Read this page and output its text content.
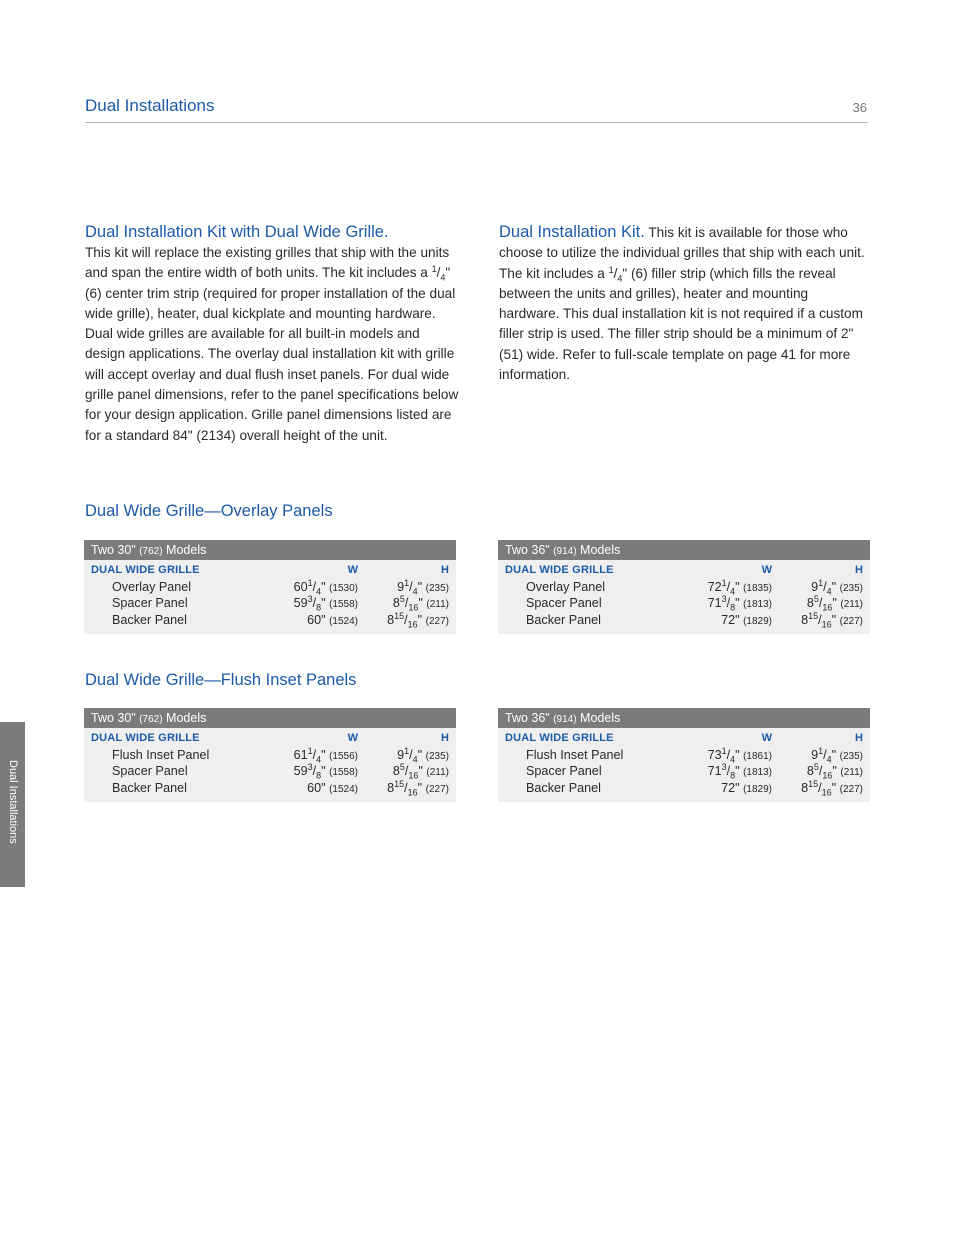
Dual Installations	36
Dual Installation Kit with Dual Wide Grille.

This kit will replace the existing grilles that ship with the units and span the entire width of both units. The kit includes a $^1/_4$" (6) center trim strip (required for proper installation of the dual wide grille), heater, dual kickplate and mounting hardware. Dual wide grilles are available for all built-in models and design applications. The overlay dual installation kit with grille will accept overlay and dual flush inset panels. For dual wide grille panel dimensions, refer to the panel specifications below for your design application. Grille panel dimensions listed are for a standard 84" (2134) overall height of the unit.

Dual Installation Kit. This kit is available for those who choose to utilize the individual grilles that ship with each unit. The kit includes a $^1/_4$" (6) filler strip (which fills the reveal between the units and grilles), heater and mounting hardware. This dual installation kit is not required if a custom filler strip is used. The filler strip should be a minimum of 2" (51) wide. Refer to full-scale template on page 41 for more information.

Dual Wide Grille—Overlay Panels
Two 30" (762) Models
DUAL WIDE GRILLE	W	H
Overlay Panel	$60^1/_4$" (1530)	$9^1/_4$" (235)
Spacer Panel	$59^3/_8$" (1558)	$8^5/_{16}$" (211)
Backer Panel	60" (1524) $8^{15}/_{16}$" (227)
Two 36" (914) Models
DUAL WIDE GRILLE	W	H
Overlay Panel	$72^1/_4$" (1835)	$9^1/_4$" (235)
Spacer Panel	$71^3/_8$" (1813)	$8^5/_{16}$" (211)
Backer Panel	72" (1829) $8^{15}/_{16}$" (227)
Dual Wide Grille—Flush Inset Panels
Two 30" (762) Models
DUAL WIDE GRILLE	W	H
Flush Inset Panel	$61^1/_4$" (1556)	$9^1/_4$" (235)
Spacer Panel	$59^3/_8$" (1558)	$8^5/_{16}$" (211)
Backer Panel	60" (1524) $8^{15}/_{16}$" (227)
Two 36" (914) Models
DUAL WIDE GRILLE	W	H
Flush Inset Panel	$73^1/_4$" (1861)	$9^1/_4$" (235)
Spacer Panel	$71^3/_8$" (1813)	$8^5/_{16}$" (211)
Backer Panel	72" (1829) $8^{15}/_{16}$" (227)
Dual Installations
